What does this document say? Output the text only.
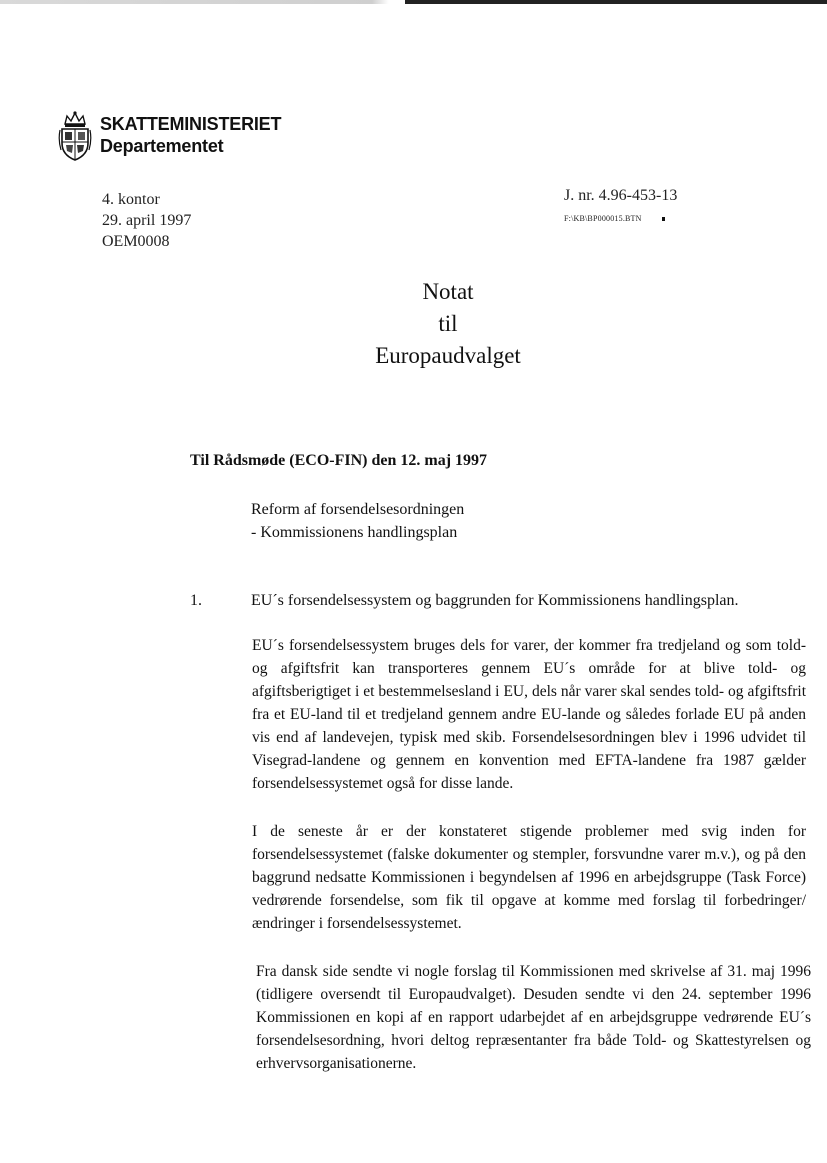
SKATTEMINISTERIET
Departementet
4. kontor
29. april 1997
OEM0008
J. nr. 4.96-453-13
F:\KB\BP000015.BTN
Notat
til
Europaudvalget
Til Rådsmøde (ECO-FIN) den 12. maj 1997
Reform af forsendelsesordningen
- Kommissionens handlingsplan
1.	EU´s forsendelsessystem og baggrunden for Kommissionens handlingsplan.
EU´s forsendelsessystem bruges dels for varer, der kommer fra tredjeland og som told- og afgiftsfrit kan transporteres gennem EU´s område for at blive told- og afgiftsberigtiget i et bestemmelsesland i EU, dels når varer skal sendes told- og afgiftsfrit fra et EU-land til et tredjeland gennem andre EU-lande og således forlade EU på anden vis end af landevejen, typisk med skib. Forsendelsesordningen blev i 1996 udvidet til Visegrad-landene og gennem en konvention med EFTA-landene fra 1987 gælder forsendelsessystemet også for disse lande.
I de seneste år er der konstateret stigende problemer med svig inden for forsendelsessystemet (falske dokumenter og stempler, forsvundne varer m.v.), og på den baggrund nedsatte Kommissionen i begyndelsen af 1996 en arbejdsgruppe (Task Force) vedrørende forsendelse, som fik til opgave at komme med forslag til forbedringer/ændringer i forsendelsessystemet.
Fra dansk side sendte vi nogle forslag til Kommissionen med skrivelse af 31. maj 1996 (tidligere oversendt til Europaudvalget). Desuden sendte vi den 24. september 1996 Kommissionen en kopi af en rapport udarbejdet af en arbejdsgruppe vedrørende EU´s forsendelsesordning, hvori deltog repræsentanter fra både Told- og Skattestyrelsen og erhvervsorganisationerne.
